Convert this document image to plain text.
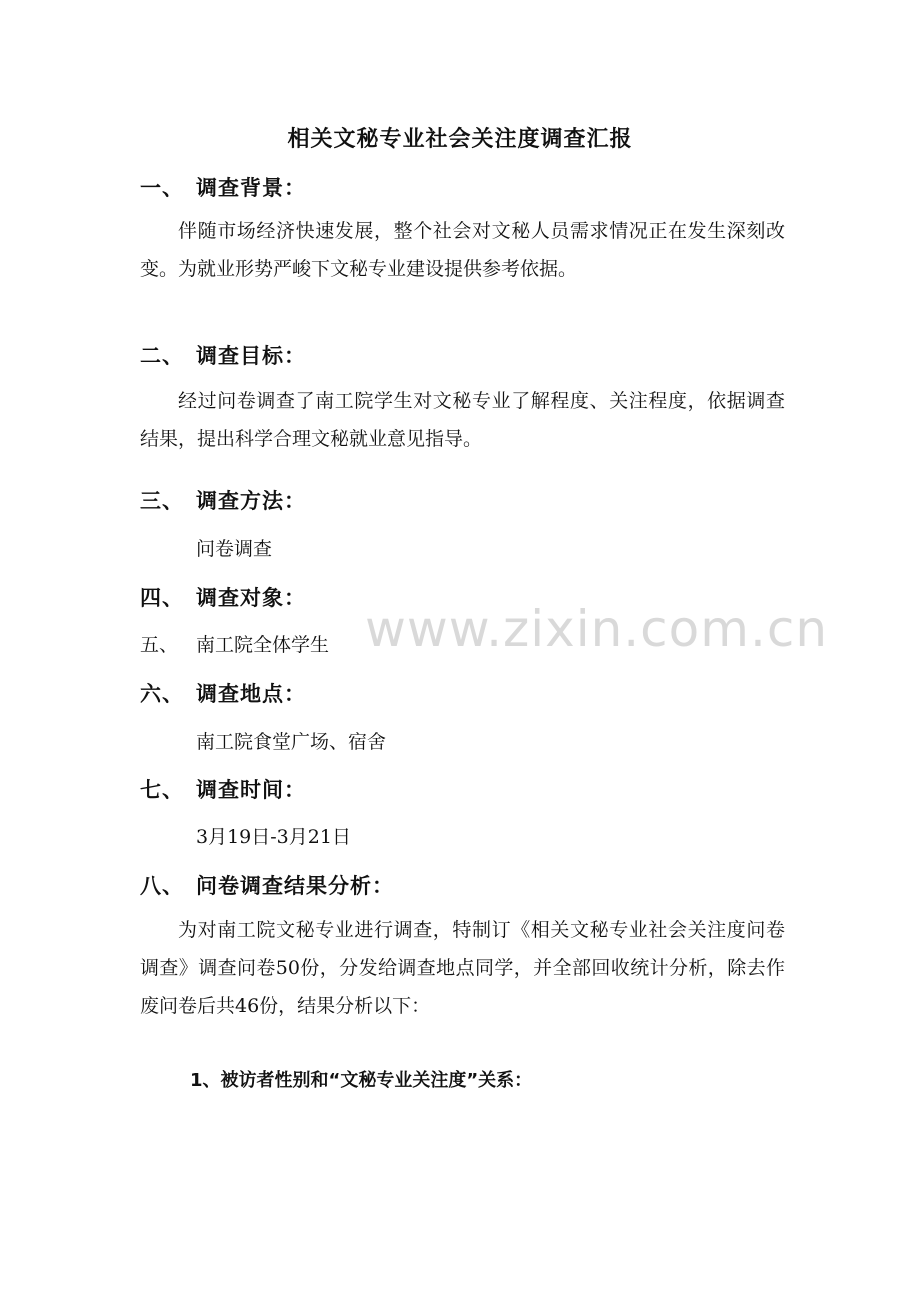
相关文秘专业社会关注度调查汇报
一、 调查背景：

伴随市场经济快速发展，整个社会对文秘人员需求情况正在发生深刻改变。为就业形势严峻下文秘专业建设提供参考依据。

二、 调查目标：

经过问卷调查了南工院学生对文秘专业了解程度、关注程度，依据调查结果，提出科学合理文秘就业意见指导。

三、 调查方法：
问卷调查
四、 调查对象：
五、 南工院全体学生
六、 调查地点：
南工院食堂广场、宿舍
七、 调查时间：
3月19日-3月21日
八、 问卷调查结果分析：

为对南工院文秘专业进行调查，特制订《相关文秘专业社会关注度问卷调查》调查问卷50份，分发给调查地点同学，并全部回收统计分析，除去作废问卷后共46份，结果分析以下：

1、被访者性别和“文秘专业关注度”关系：
www.zixin.com.cn
